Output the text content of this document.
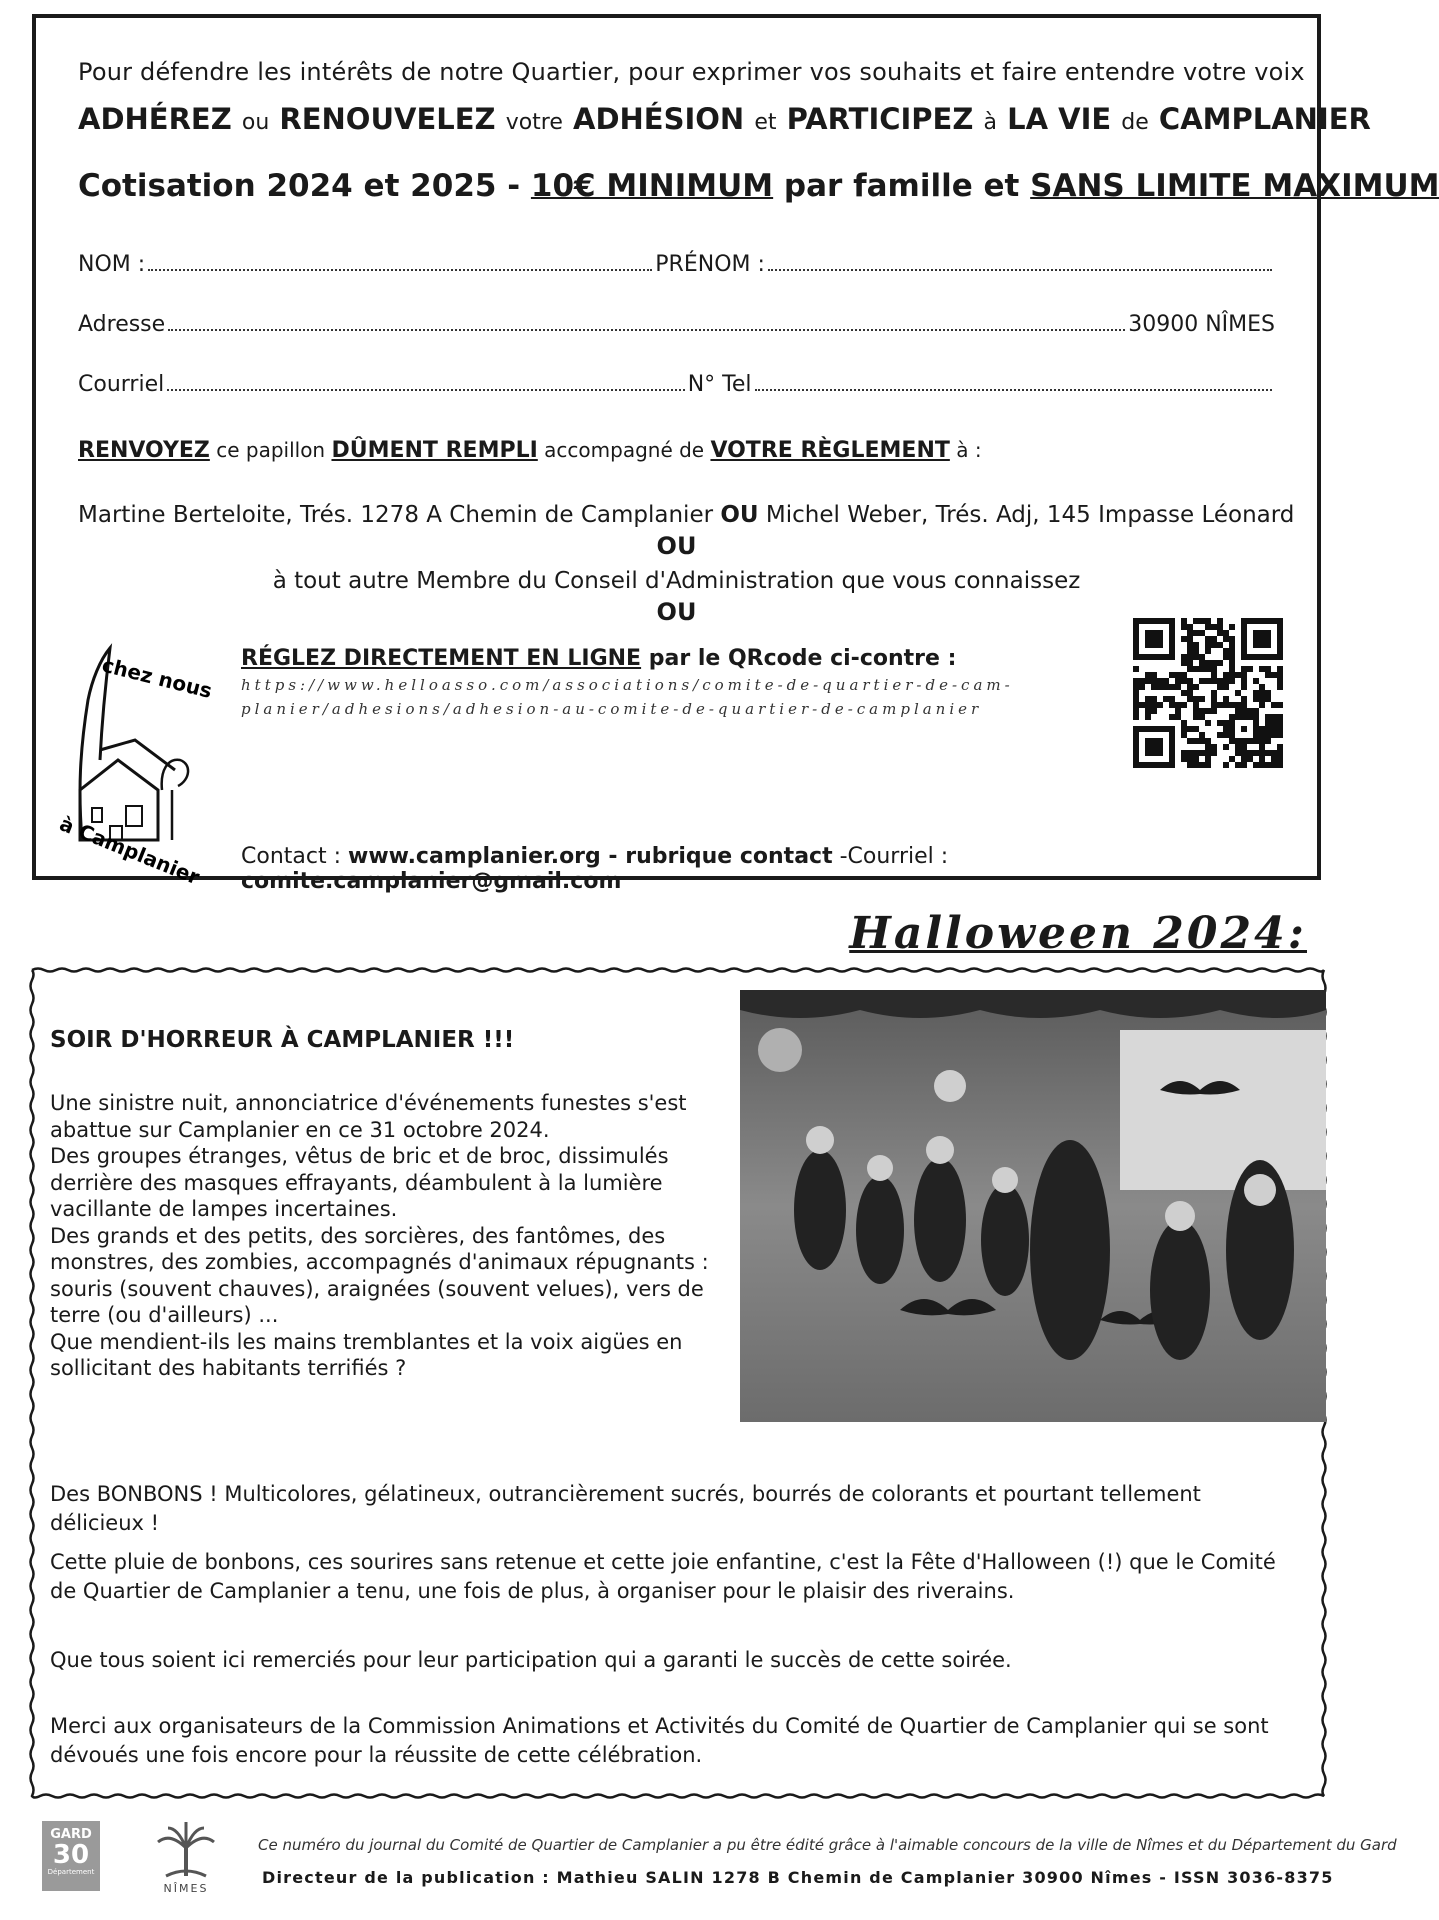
Pour défendre les intérêts de notre Quartier, pour exprimer vos souhaits et faire entendre votre voix
ADHÉREZ ou RENOUVELEZ votre ADHÉSION et PARTICIPEZ à LA VIE de CAMPLANIER
Cotisation 2024 et 2025 - 10€ MINIMUM par famille et SANS LIMITE MAXIMUM
NOM :	PRÉNOM :
Adresse	30900 NÎMES
Courriel	N° Tel
RENVOYEZ ce papillon DÛMENT REMPLI accompagné de VOTRE RÈGLEMENT à :
Martine Berteloite, Trés. 1278 A Chemin de Camplanier OU Michel Weber, Trés. Adj, 145 Impasse Léonard
OU
à tout autre Membre du Conseil d'Administration que vous connaissez
OU
RÉGLEZ DIRECTEMENT EN LIGNE par le QRcode ci-contre :
https://www.helloasso.com/associations/comite-de-quartier-de-cam-
planier/adhesions/adhesion-au-comite-de-quartier-de-camplanier
Contact : www.camplanier.org - rubrique contact -Courriel : comite.camplanier@gmail.com
chez nous
à Camplanier
Halloween 2024:
SOIR D'HORREUR À CAMPLANIER !!!

Une sinistre nuit, annonciatrice d'événements funestes s'est abattue sur Camplanier en ce 31 octobre 2024.

Des groupes étranges, vêtus de bric et de broc, dissimulés derrière des masques effrayants, déambulent à la lumière vacillante de lampes incertaines.

Des grands et des petits, des sorcières, des fantômes, des monstres, des zombies, accompagnés d'animaux répugnants : souris (souvent chauves), araignées (souvent velues), vers de terre (ou d'ailleurs) ...

Que mendient-ils les mains tremblantes et la voix aigües en sollicitant des habitants terrifiés ?

Des BONBONS ! Multicolores, gélatineux, outrancièrement sucrés, bourrés de colorants et pourtant tellement délicieux !
Cette pluie de bonbons, ces sourires sans retenue et cette joie enfantine, c'est la Fête d'Halloween (!) que le Comité de Quartier de Camplanier a tenu, une fois de plus, à organiser pour le plaisir des riverains.
Que tous soient ici remerciés pour leur participation qui a garanti le succès de cette soirée.
Merci aux organisateurs de la Commission Animations et Activités du Comité de Quartier de Camplanier qui se sont dévoués une fois encore pour la réussite de cette célébration.
GARD
30
Département
NÎMES
Ce numéro du journal du Comité de Quartier de Camplanier a pu être édité grâce à l'aimable concours de la ville de Nîmes et du Département du Gard
Directeur de la publication : Mathieu SALIN 1278 B Chemin de Camplanier 30900 Nîmes - ISSN 3036-8375
